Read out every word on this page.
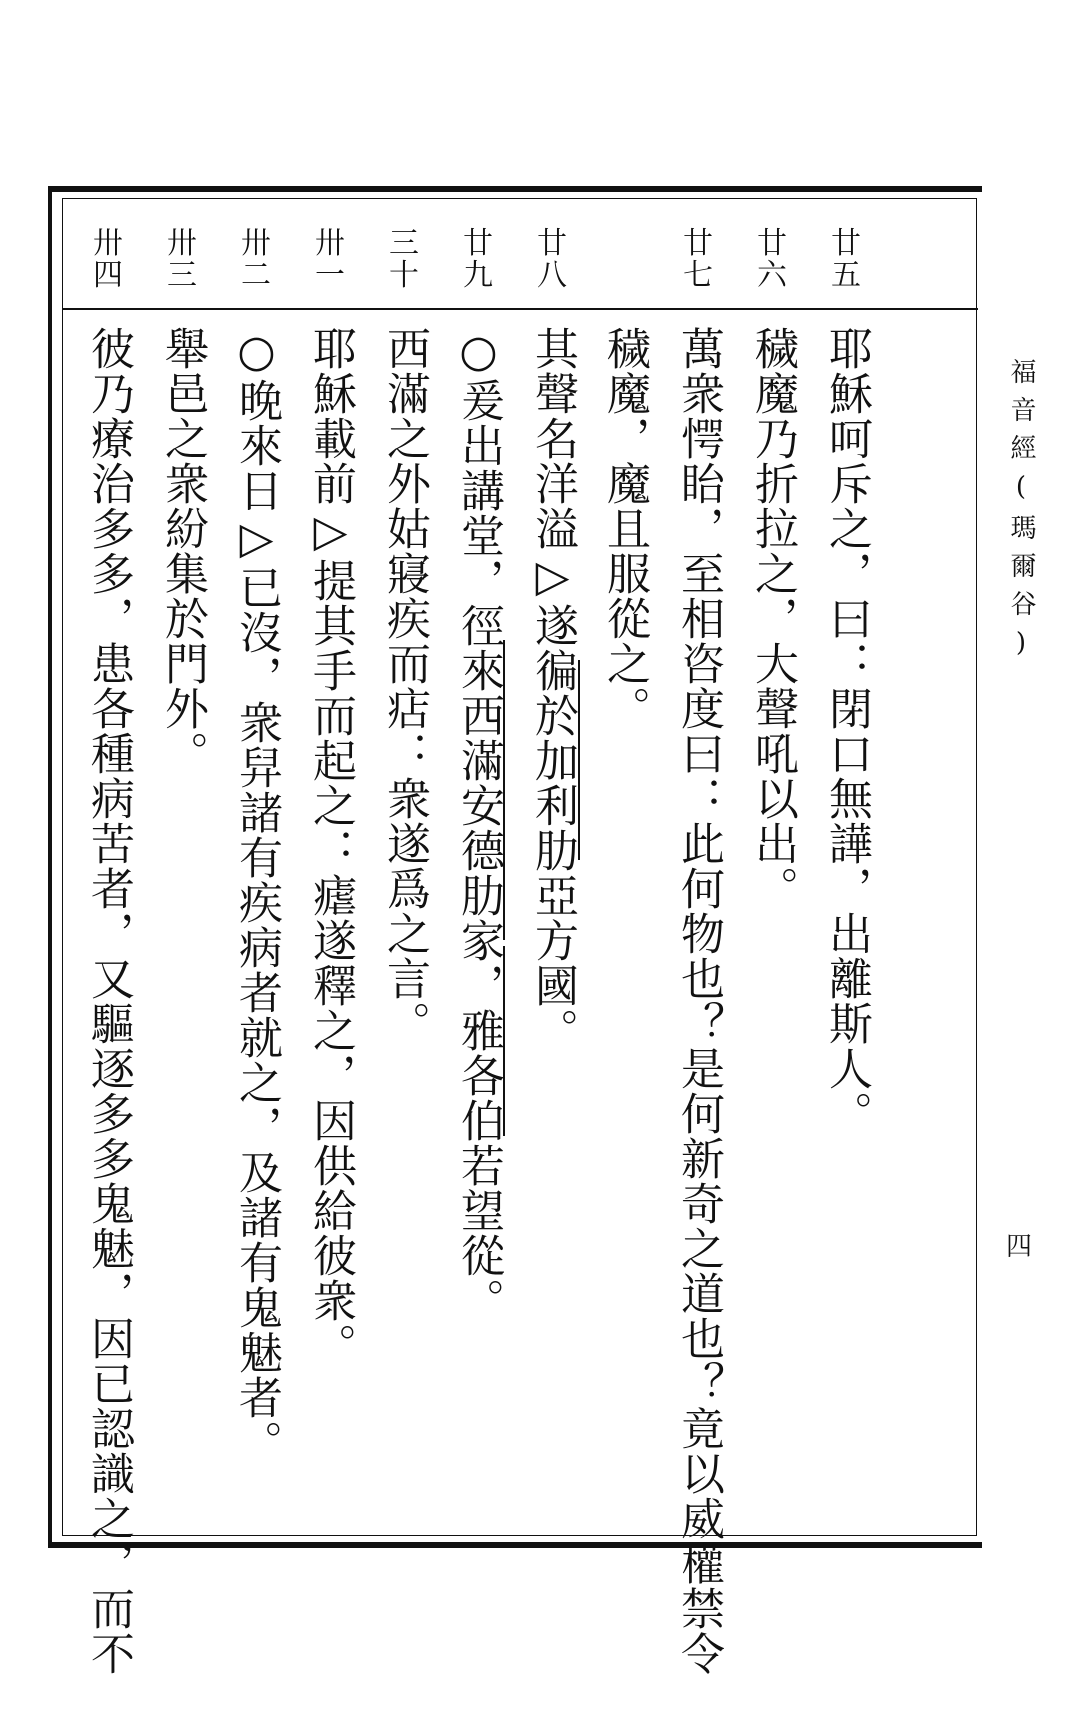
廿
五
廿
六
廿
七
廿
八
廿
九
三
十
卅
一
卅
二
卅
三
卅
四
耶穌呵斥之，曰：閉口無譁，出離斯人。
穢魔乃折拉之，大聲吼以出。
萬衆愕眙，至相咨度曰：此何物也？是何新奇之道也？竟以威權禁令
穢魔，魔且服從之。
其聲名洋溢▷遂徧於加利肋亞方國。
○爰出講堂，徑來西滿安德肋家，雅各伯若望從。
西滿之外姑寢疾而痁：衆遂爲之言。
耶穌載前▷提其手而起之：瘧遂釋之，因供給彼衆。
○晚來日▷已沒，衆舁諸有疾病者就之，及諸有鬼魅者。
舉邑之衆紛集於門外。
彼乃療治多多，患各種病苦者，又驅逐多多鬼魅，因已認識之，而不	福音經(瑪爾谷)
四
